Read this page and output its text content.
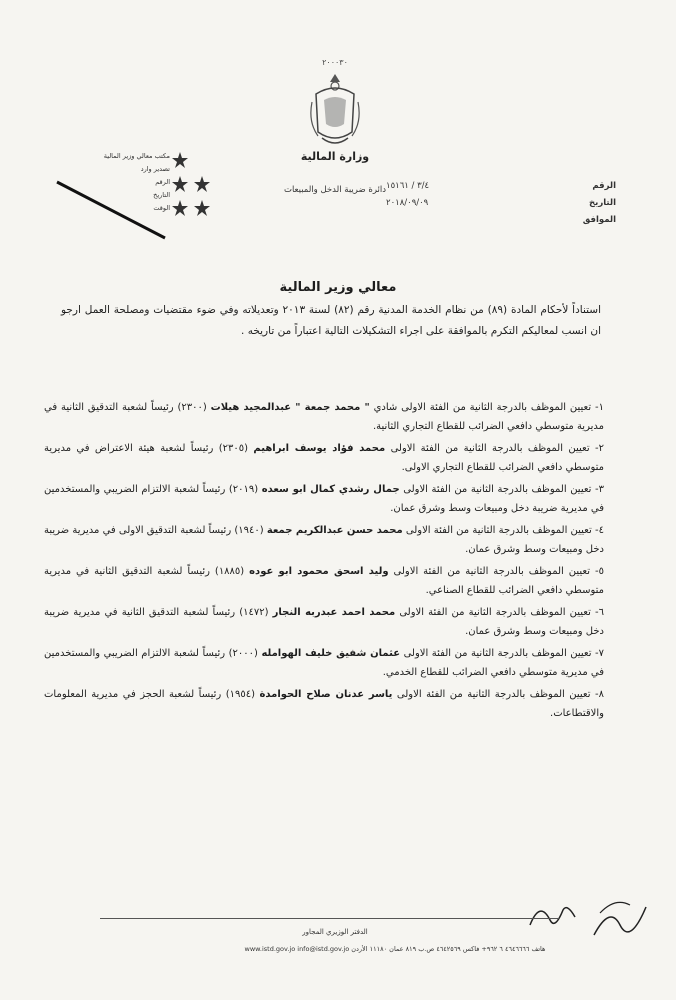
٢٠٠٠٣٠
وزارة المالية
دائرة ضريبة الدخل والمبيعات
مكتب معالي وزير المالية
تصدير وارد
الرقم
التاريخ
الوقت
الرقم
٣/٤ / ١٥١٦١
التاريخ
٢٠١٨/٠٩/٠٩
الموافق
معالي وزير المالية
استناداً لأحكام المادة (٨٩) من نظام الخدمة المدنية رقم (٨٢) لسنة ٢٠١٣ وتعديلاته وفي ضوء مقتضيات ومصلحة العمل ارجو ان انسب لمعاليكم التكرم بالموافقة على اجراء التشكيلات التالية اعتباراً من تاريخه .
١- تعيين الموظف بالدرجة الثانية من الفئة الاولى شادي " محمد جمعة " عبدالمجيد هيلات (٢٣٠٠) رئيساً لشعبة التدقيق الثانية في مديرية متوسطي دافعي الضرائب للقطاع التجاري الثانية.
٢- تعيين الموظف بالدرجة الثانية من الفئة الاولى محمد فؤاد يوسف ابراهيم (٢٣٠٥) رئيساً لشعبة هيئة الاعتراض في مديرية متوسطي دافعي الضرائب للقطاع التجاري الاولى.
٣- تعيين الموظف بالدرجة الثانية من الفئة الاولى جمال رشدي كمال ابو سعده (٢٠١٩) رئيساً لشعبة الالتزام الضريبي والمستخدمين في مديرية ضريبة دخل ومبيعات وسط وشرق عمان.
٤- تعيين الموظف بالدرجة الثانية من الفئة الاولى محمد حسن عبدالكريم جمعة (١٩٤٠) رئيساً لشعبة التدقيق الاولى في مديرية ضريبة دخل ومبيعات وسط وشرق عمان.
٥- تعيين الموظف بالدرجة الثانية من الفئة الاولى وليد اسحق محمود ابو عوده (١٨٨٥) رئيساً لشعبة التدقيق الثانية في مديرية متوسطي دافعي الضرائب للقطاع الصناعي.
٦- تعيين الموظف بالدرجة الثانية من الفئة الاولى محمد احمد عبدربه النجار (١٤٧٢) رئيساً لشعبة التدقيق الثانية في مديرية ضريبة دخل ومبيعات وسط وشرق عمان.
٧- تعيين الموظف بالدرجة الثانية من الفئة الاولى عثمان شفيق خليف الهوامله (٢٠٠٠) رئيساً لشعبة الالتزام الضريبي والمستخدمين في مديرية متوسطي دافعي الضرائب للقطاع الخدمي.
٨- تعيين الموظف بالدرجة الثانية من الفئة الاولى ياسر عدنان صلاح الحوامدة (١٩٥٤) رئيساً لشعبة الحجز في مديرية المعلومات والاقتطاعات.
الدفتر الوزيري المجاور
هاتف ٤٦٤٦٦٦٦ ٦ ٩٦٢+ فاكس ٤٦٤٢٥٦٩ ص.ب ٨١٩ عمان ١١١٨٠ الأردن www.istd.gov.jo info@istd.gov.jo
